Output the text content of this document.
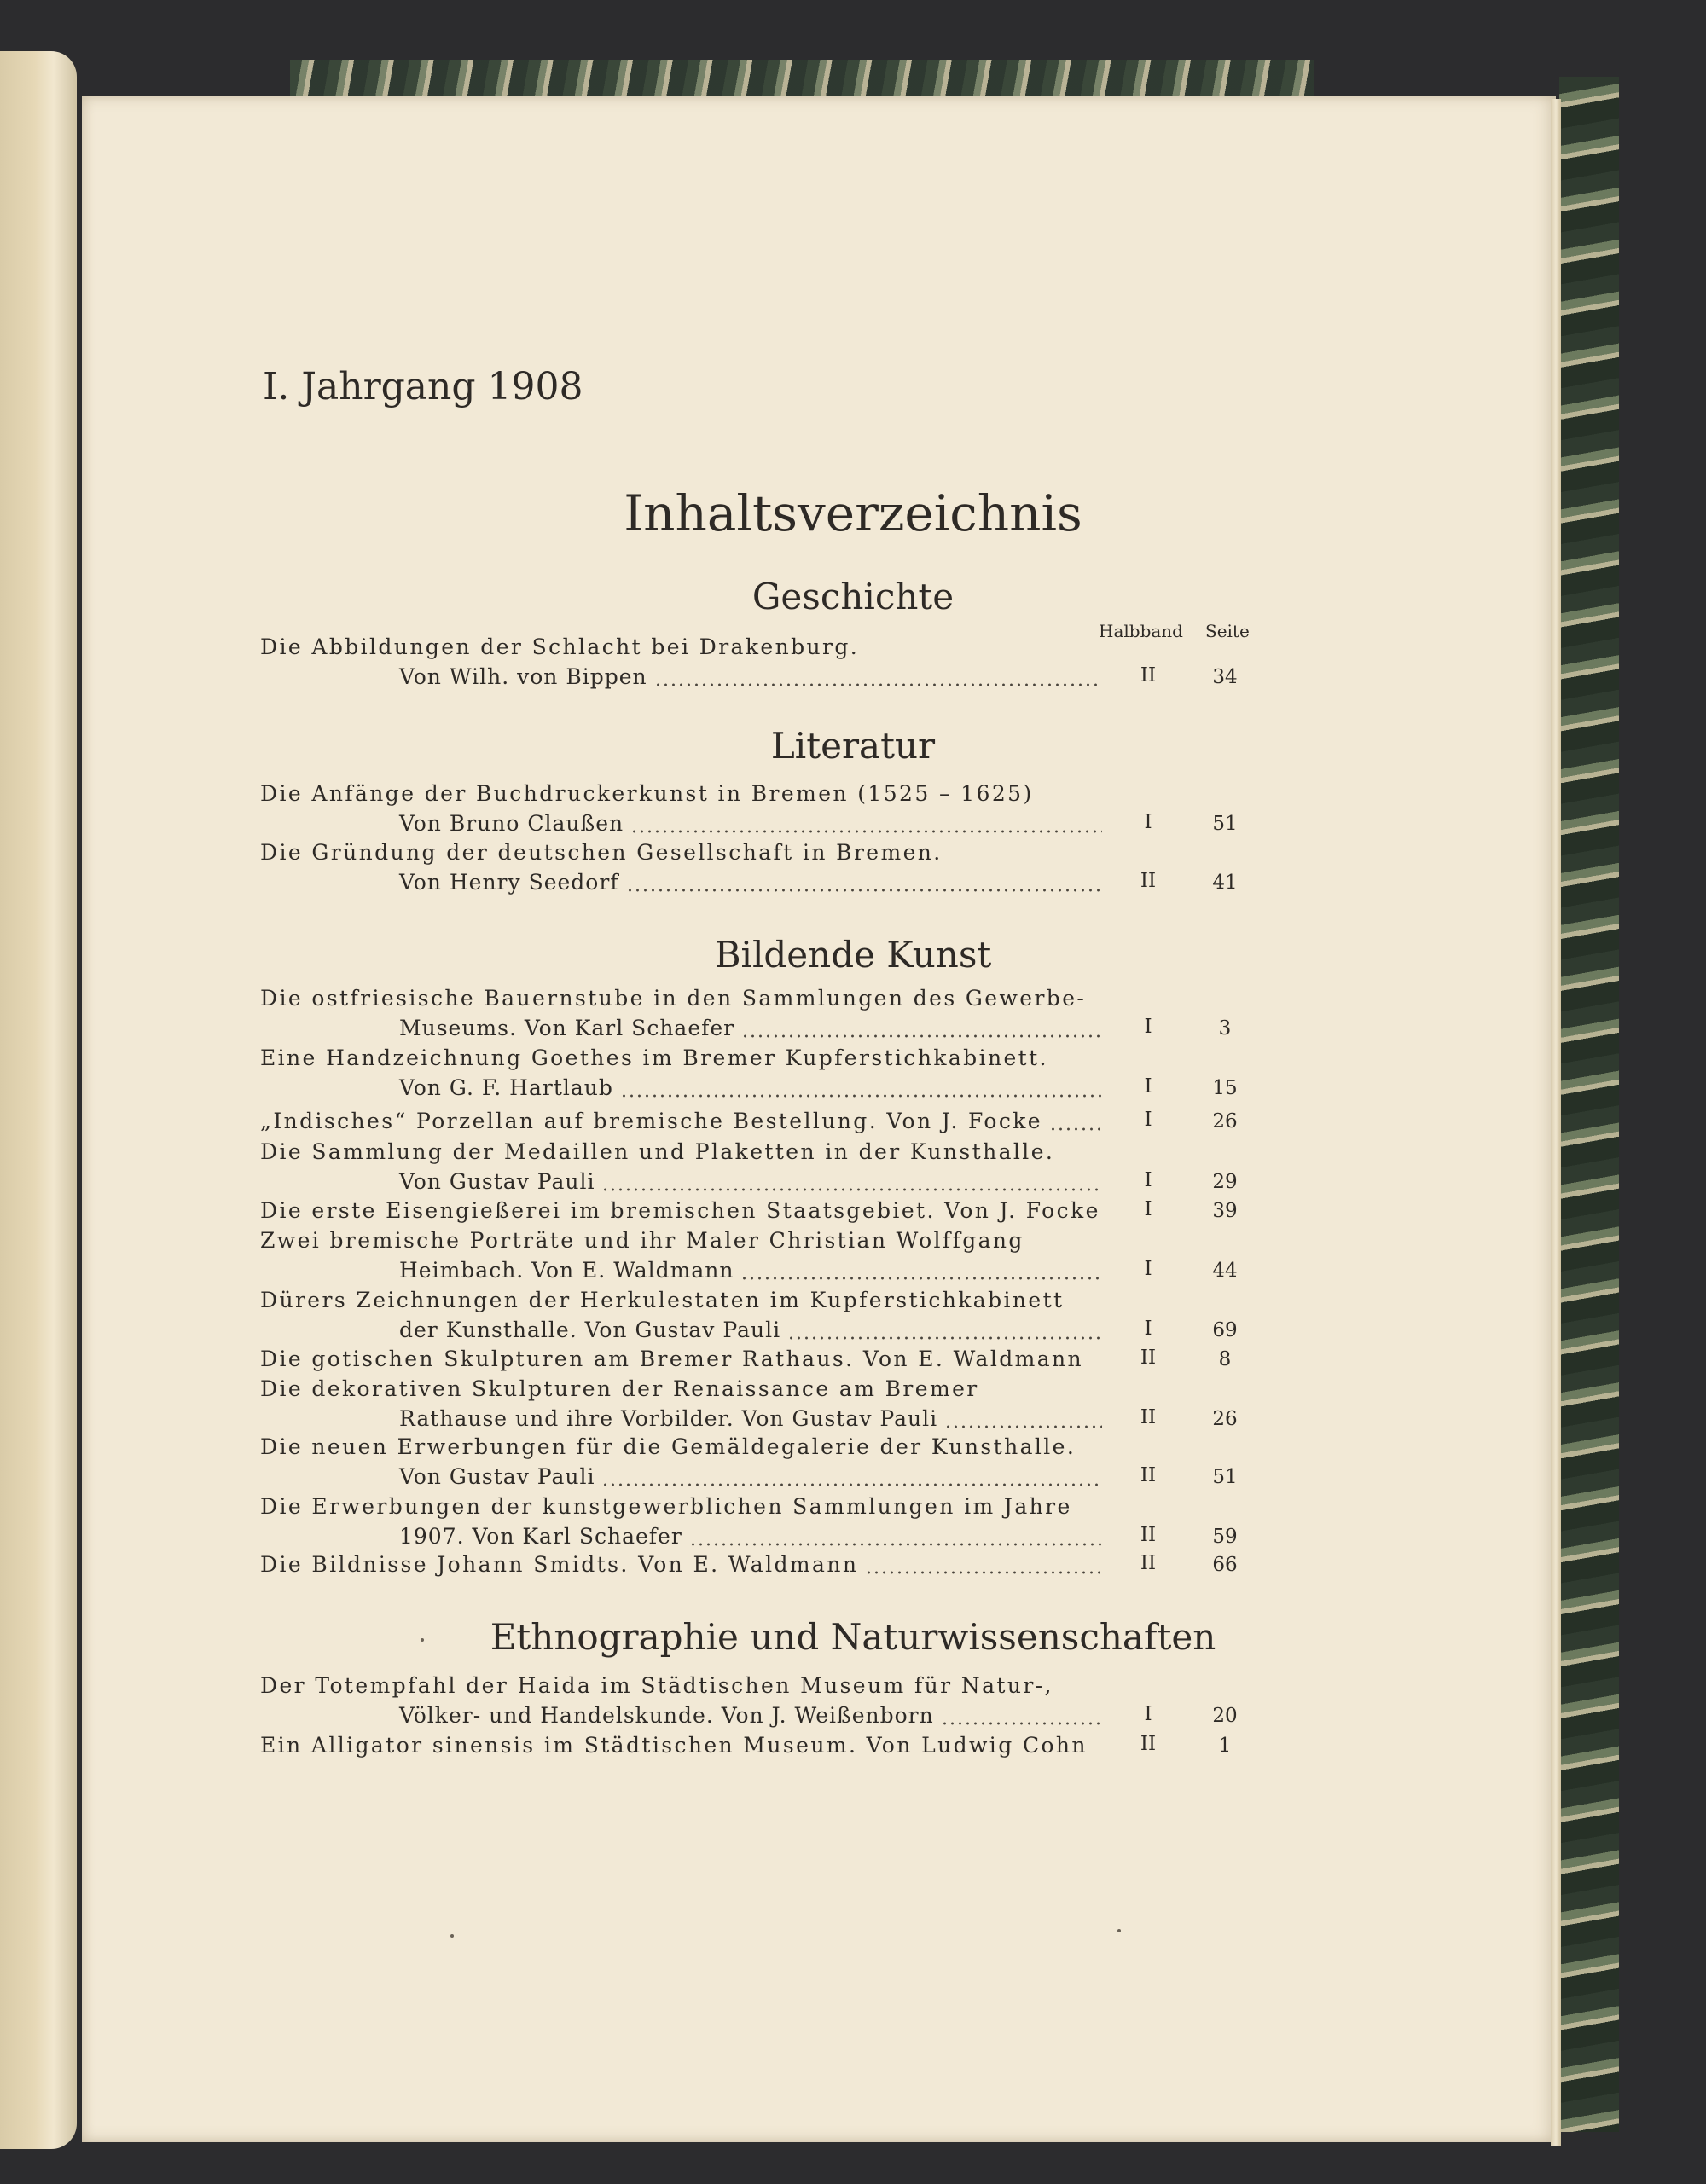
I. Jahrgang 1908
Inhaltsverzeichnis
Halbband Seite
Geschichte
Die Abbildungen der Schlacht bei Drakenburg.
Von Wilh. von Bippen	II	34
Literatur
Die Anfänge der Buchdruckerkunst in Bremen (1525 – 1625)
Von Bruno Claußen	I	51
Die Gründung der deutschen Gesellschaft in Bremen.
Von Henry Seedorf	II	41
Bildende Kunst
Die ostfriesische Bauernstube in den Sammlungen des Gewerbe-
Museums. Von Karl Schaefer	I	3
Eine Handzeichnung Goethes im Bremer Kupferstichkabinett.
Von G. F. Hartlaub	I	15
„Indisches“ Porzellan auf bremische Bestellung. Von J. Focke	I	26
Die Sammlung der Medaillen und Plaketten in der Kunsthalle.
Von Gustav Pauli	I	29
Die erste Eisengießerei im bremischen Staatsgebiet. Von J. Focke	I	39
Zwei bremische Porträte und ihr Maler Christian Wolffgang
Heimbach. Von E. Waldmann	I	44
Dürers Zeichnungen der Herkulestaten im Kupferstichkabinett
der Kunsthalle. Von Gustav Pauli	I	69
Die gotischen Skulpturen am Bremer Rathaus. Von E. Waldmann	II	8
Die dekorativen Skulpturen der Renaissance am Bremer
Rathause und ihre Vorbilder. Von Gustav Pauli	II	26
Die neuen Erwerbungen für die Gemäldegalerie der Kunsthalle.
Von Gustav Pauli	II	51
Die Erwerbungen der kunstgewerblichen Sammlungen im Jahre
1907. Von Karl Schaefer	II	59
Die Bildnisse Johann Smidts. Von E. Waldmann	II	66
Ethnographie und Naturwissenschaften
Der Totempfahl der Haida im Städtischen Museum für Natur-,
Völker- und Handelskunde. Von J. Weißenborn	I	20
Ein Alligator sinensis im Städtischen Museum. Von Ludwig Cohn	II	1
